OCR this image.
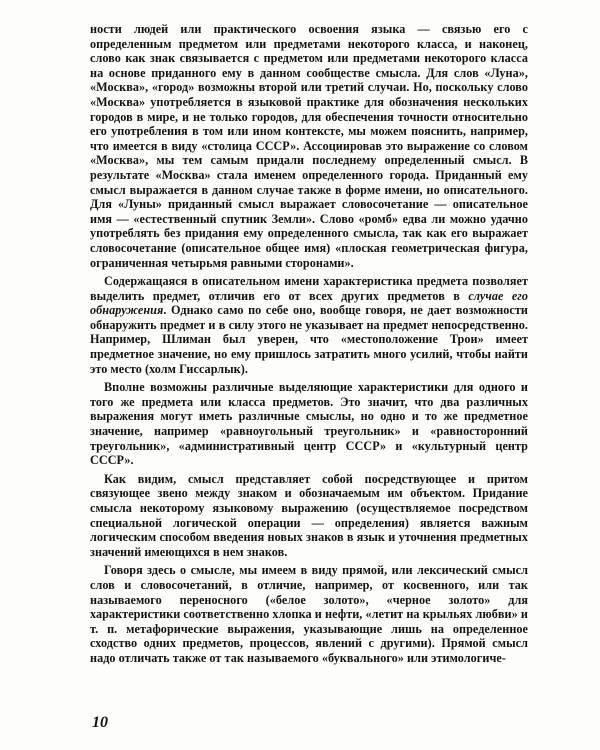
ности людей или практического освоения языка — связью его с определенным предметом или предметами некоторого класса, и наконец, слово как знак связывается с предметом или предметами некоторого класса на основе приданного ему в данном сообществе смысла. Для слов «Луна», «Москва», «город» возможны второй или третий случаи. Но, поскольку слово «Москва» употребляется в языковой практике для обозначения нескольких городов в мире, и не только городов, для обеспечения точности относительно его употребления в том или ином контексте, мы можем пояснить, например, что имеется в виду «столица СССР». Ассоциировав это выражение со словом «Москва», мы тем самым придали последнему определенный смысл. В результате «Москва» стала именем определенного города. Приданный ему смысл выражается в данном случае также в форме имени, но описательного. Для «Луны» приданный смысл выражает словосочетание — описательное имя — «естественный спутник Земли». Слово «ромб» едва ли можно удачно употреблять без придания ему определенного смысла, так как его выражает словосочетание (описательное общее имя) «плоская геометрическая фигура, ограниченная четырьмя равными сторонами».

Содержащаяся в описательном имени характеристика предмета позволяет выделить предмет, отличив его от всех других предметов в случае его обнаружения. Однако само по себе оно, вообще говоря, не дает возможности обнаружить предмет и в силу этого не указывает на предмет непосредственно. Например, Шлиман был уверен, что «местоположение Трои» имеет предметное значение, но ему пришлось затратить много усилий, чтобы найти это место (холм Гиссарлык).

Вполне возможны различные выделяющие характеристики для одного и того же предмета или класса предметов. Это значит, что два различных выражения могут иметь различные смыслы, но одно и то же предметное значение, например «равноугольный треугольник» и «равносторонний треугольник», «административный центр СССР» и «культурный центр СССР».

Как видим, смысл представляет собой посредствующее и притом связующее звено между знаком и обозначаемым им объектом. Придание смысла некоторому языковому выражению (осуществляемое посредством специальной логической операции — определения) является важным логическим способом введения новых знаков в язык и уточнения предметных значений имеющихся в нем знаков.

Говоря здесь о смысле, мы имеем в виду прямой, или лексический смысл слов и словосочетаний, в отличие, например, от косвенного, или так называемого переносного («белое золото», «черное золото» для характеристики соответственно хлопка и нефти, «летит на крыльях любви» и т. п. метафорические выражения, указывающие лишь на определенное сходство одних предметов, процессов, явлений с другими). Прямой смысл надо отличать также от так называемого «буквального» или этимологиче-

10
